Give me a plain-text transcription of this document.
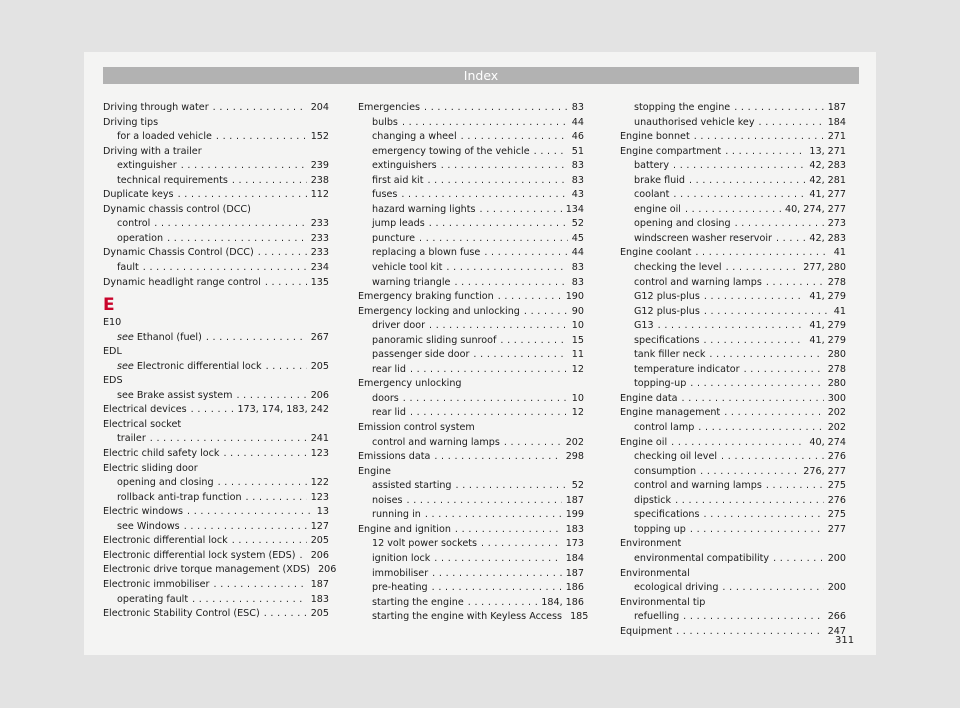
Index
Driving through water . . .	204
Driving tips
for a loaded vehicle . . .	152
Driving with a trailer
extinguisher . . .	239
technical requirements . . .	238
Duplicate keys . . .	112
Dynamic chassis control (DCC)
control . . .	233
operation . . .	233
Dynamic Chassis Control (DCC) . . .	233
fault . . .	234
Dynamic headlight range control . . .	135
E
E10
see Ethanol (fuel) . . .	267
EDL
see Electronic differential lock . . .	205
EDS
see Brake assist system . . .	206
Electrical devices . . .	173, 174, 183, 242
Electrical socket
trailer . . .	241
Electric child safety lock . . .	123
Electric sliding door
opening and closing . . .	122
rollback anti-trap function . . .	123
Electric windows . . .	13
see Windows . . .	127
Electronic differential lock . . .	205
Electronic differential lock system (EDS) . . . 206
Electronic drive torque management (XDS) 206
Electronic immobiliser . . .	187
operating fault . . .	183
Electronic Stability Control (ESC) . . .	205
Emergencies . . .	83
bulbs . . .	44
changing a wheel . . .	46
emergency towing of the vehicle . . .	51
extinguishers . . .	83
first aid kit . . .	83
fuses . . .	43
hazard warning lights . . .	134
jump leads . . .	52
puncture . . .	45
replacing a blown fuse . . .	44
vehicle tool kit . . .	83
warning triangle . . .	83
Emergency braking function . . .	190
Emergency locking and unlocking . . .	90
driver door . . .	10
panoramic sliding sunroof . . .	15
passenger side door . . .	11
rear lid . . .	12
Emergency unlocking
doors . . .	10
rear lid . . .	12
Emission control system
control and warning lamps . . .	202
Emissions data . . .	298
Engine
assisted starting . . .	52
noises . . .	187
running in . . .	199
Engine and ignition . . .	183
12 volt power sockets . . .	173
ignition lock . . .	184
immobiliser . . .	187
pre-heating . . .	186
starting the engine . . .	184, 186
starting the engine with Keyless Access 185
stopping the engine . . .	187
unauthorised vehicle key . . .	184
Engine bonnet . . .	271
Engine compartment . . .	13, 271
battery . . .	42, 283
brake fluid . . .	42, 281
coolant . . .	41, 277
engine oil . . .	40, 274, 277
opening and closing . . .	273
windscreen washer reservoir . . .	42, 283
Engine coolant . . .	41
checking the level . . .	277, 280
control and warning lamps . . .	278
G12 plus-plus . . .	41, 279
G12 plus-plus . . .	41
G13 . . .	41, 279
specifications . . .	41, 279
tank filler neck . . .	280
temperature indicator . . .	278
topping-up . . .	280
Engine data . . .	300
Engine management . . .	202
control lamp . . .	202
Engine oil . . .	40, 274
checking oil level . . .	276
consumption . . .	276, 277
control and warning lamps . . .	275
dipstick . . .	276
specifications . . .	275
topping up . . .	277
Environment
environmental compatibility . . .	200
Environmental
ecological driving . . .	200
Environmental tip
refuelling . . .	266
Equipment . . .	247
311
